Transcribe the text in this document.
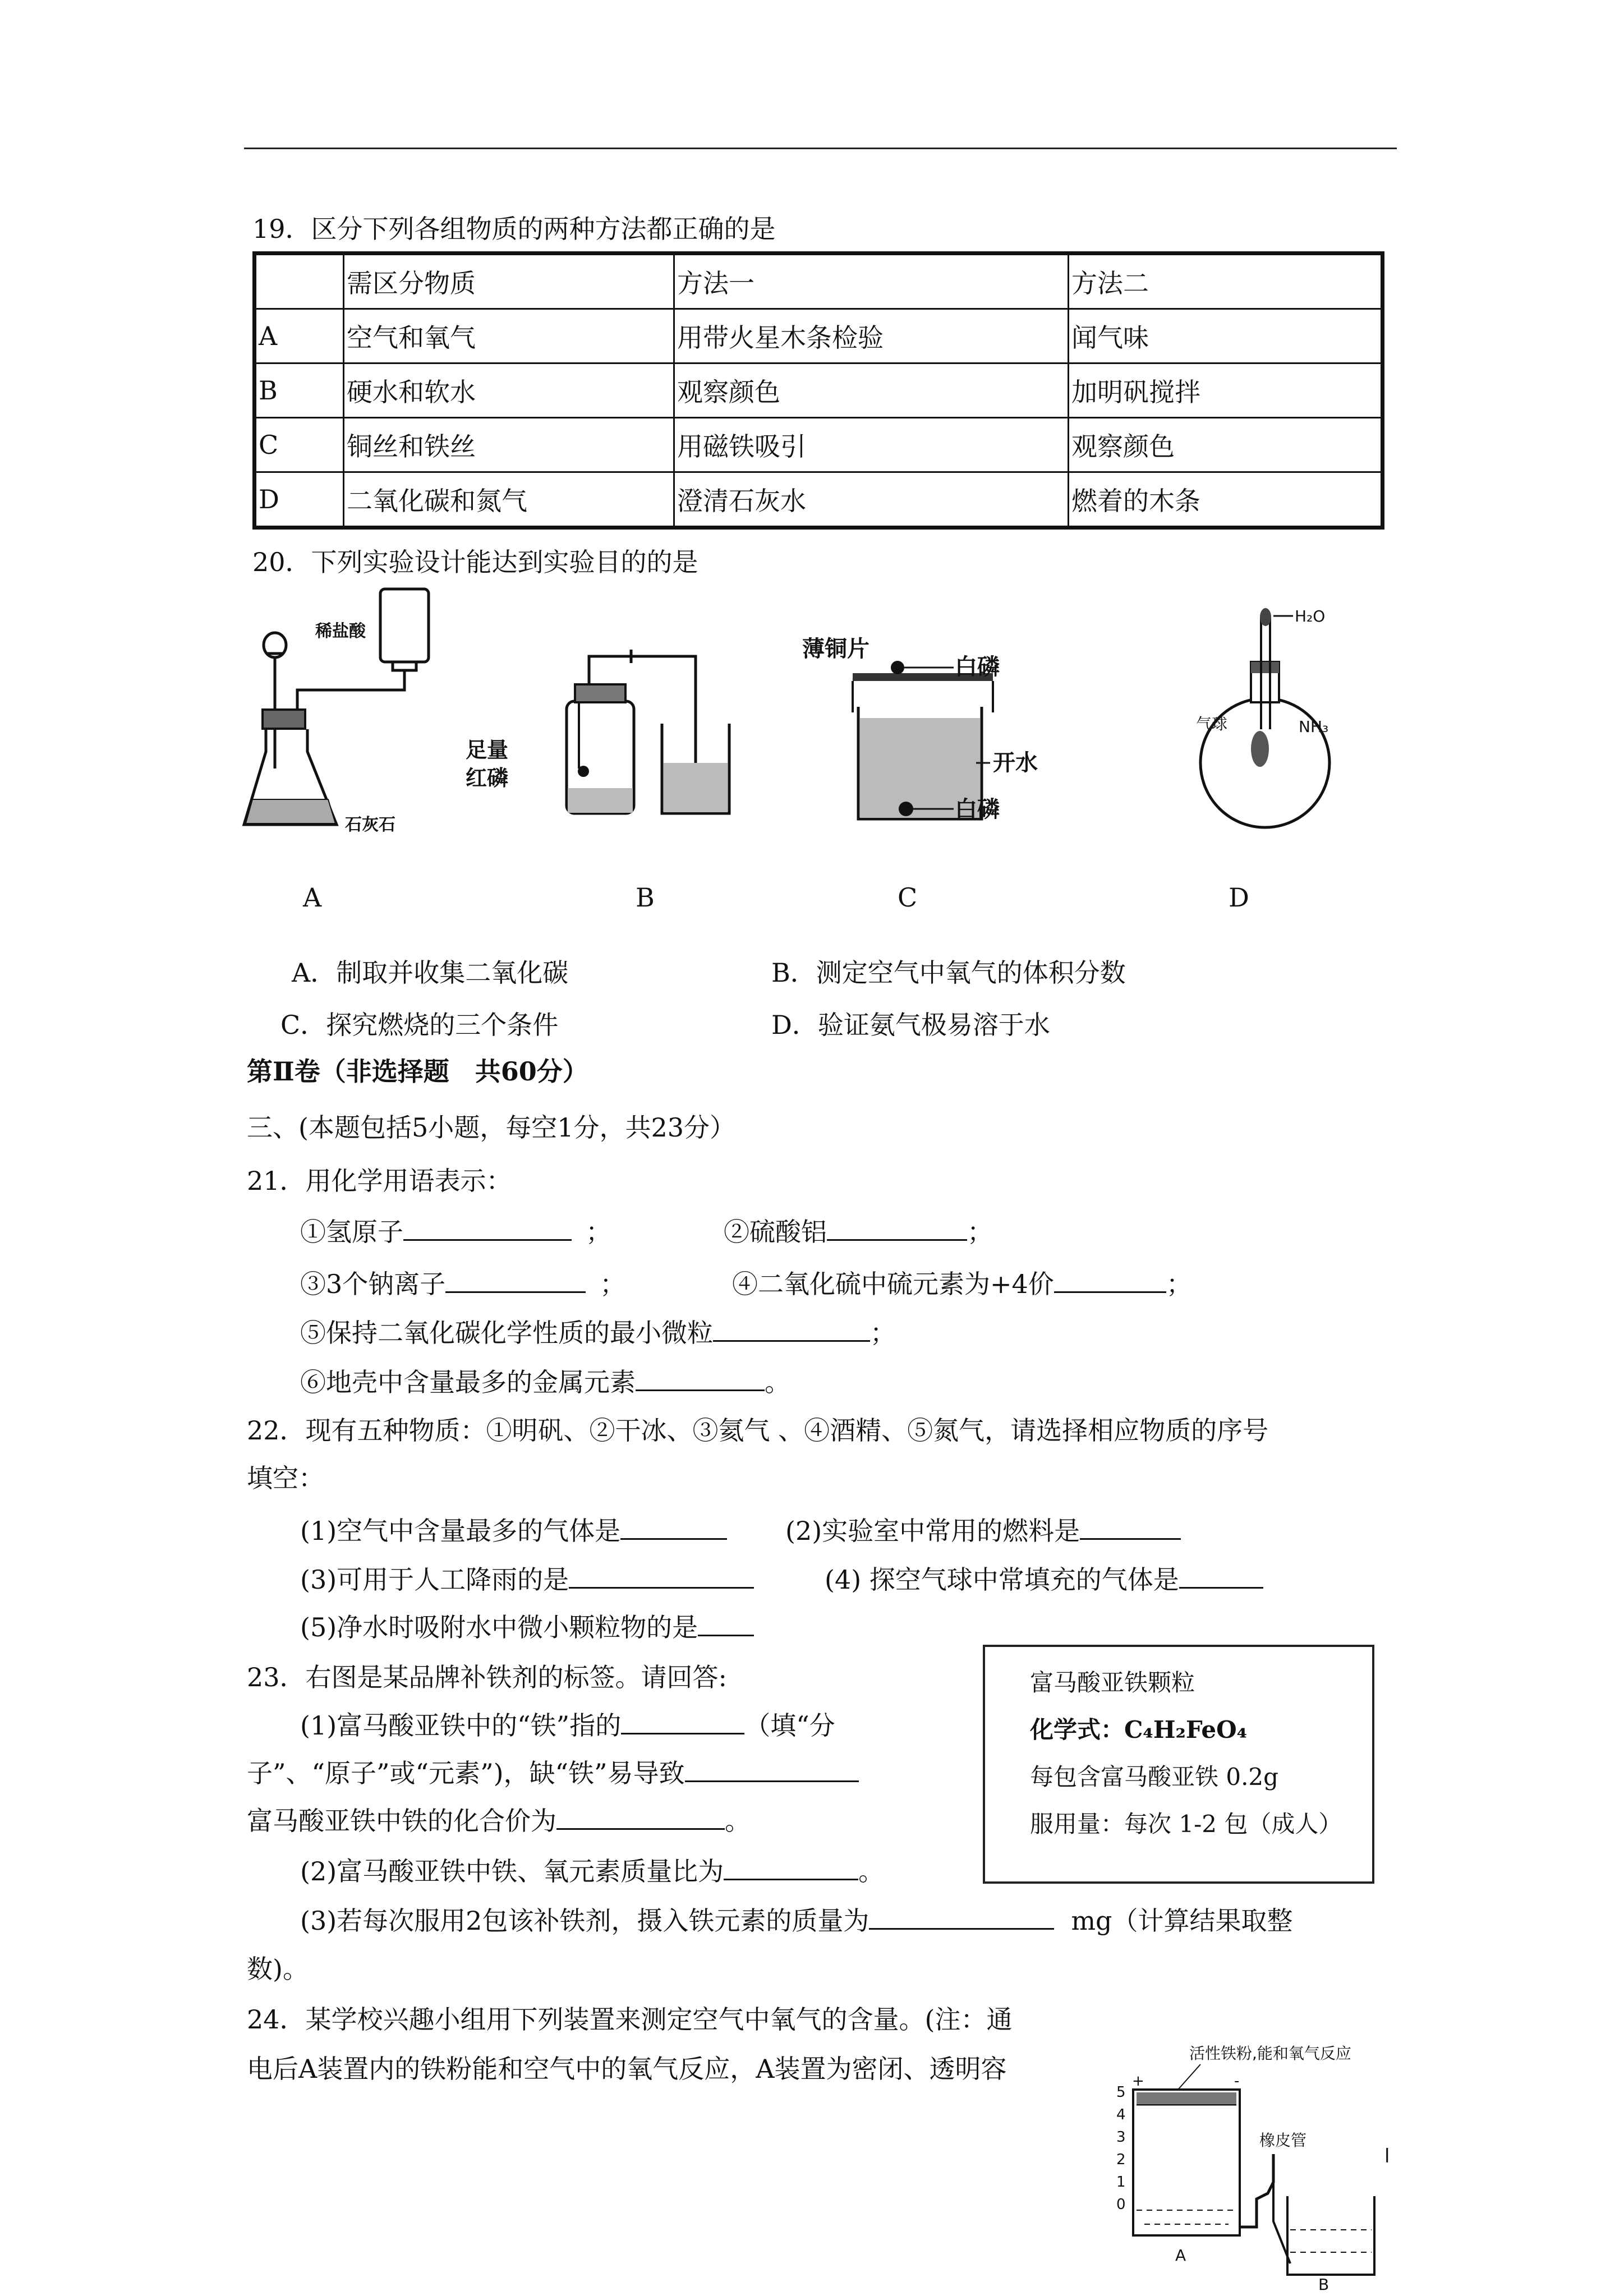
19．区分下列各组物质的两种方法都正确的是
	需区分物质	方法一	方法二
A	空气和氧气	用带火星木条检验	闻气味
B	硬水和软水	观察颜色	加明矾搅拌
C	铜丝和铁丝	用磁铁吸引	观察颜色
D	二氧化碳和氮气	澄清石灰水	燃着的木条
20．下列实验设计能达到实验目的的是
稀盐酸
石灰石
足量
红磷
薄铜片
白磷
开水
白磷
H₂O
气球	NH₃
A	B	C	D
A．制取并收集二氧化碳	B．测定空气中氧气的体积分数
C．探究燃烧的三个条件	D．验证氨气极易溶于水
第Ⅱ卷（非选择题　共60分）
三、(本题包括5小题，每空1分，共23分）
21．用化学用语表示：
①氢原子	；	②硫酸铝	；
③3个钠离子	；	④二氧化硫中硫元素为+4价	；
⑤保持二氧化碳化学性质的最小微粒	；
⑥地壳中含量最多的金属元素	。
22．现有五种物质：①明矾、②干冰、③氦气 、④酒精、⑤氮气，请选择相应物质的序号
填空：
(1)空气中含量最多的气体是	(2)实验室中常用的燃料是
(3)可用于人工降雨的是	(4) 探空气球中常填充的气体是
(5)净水时吸附水中微小颗粒物的是
23．右图是某品牌补铁剂的标签。请回答:
(1)富马酸亚铁中的“铁”指的	（填“分
子”、“原子”或“元素”)，缺“铁”易导致
富马酸亚铁中铁的化合价为	。
(2)富马酸亚铁中铁、氧元素质量比为	。
(3)若每次服用2包该补铁剂，摄入铁元素的质量为	mg（计算结果取整
数)。
富马酸亚铁颗粒
化学式：C₄H₂FeO₄
每包含富马酸亚铁 0.2g
服用量：每次 1-2 包（成人）
24．某学校兴趣小组用下列装置来测定空气中氧气的含量。(注：通
电后A装置内的铁粉能和空气中的氧气反应，A装置为密闭、透明容
活性铁粉,能和氧气反应
+	-
5
4
3
2
1
0
橡皮管
A
B
l
